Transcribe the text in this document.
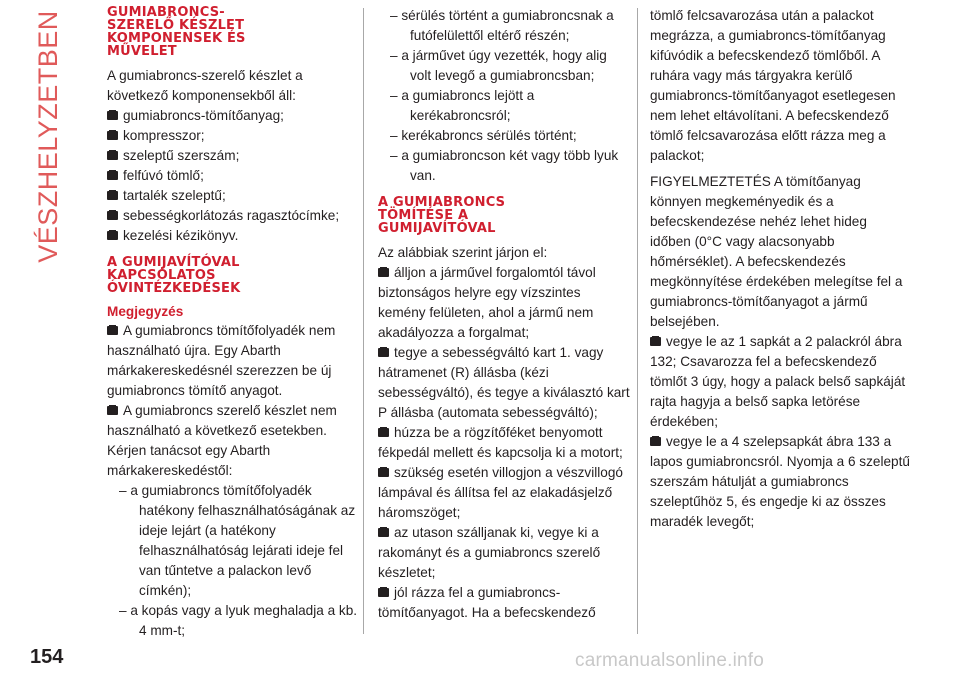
VÉSZHELYZETBEN	GUMIABRONCS-
SZERELŐ KÉSZLET
KOMPONENSEK ÉS
MŰVELET
A gumiabroncs-szerelő készlet a következő komponensekből áll:
gumiabroncs-tömítőanyag;
kompresszor;
szeleptű szerszám;
felfúvó tömlő;
tartalék szeleptű;
sebességkorlátozás ragasztócímke;
kezelési kézikönyv.
A GUMIJAVÍTÓVAL
KAPCSOLATOS
ÓVINTÉZKEDÉSEK
Megjegyzés
A gumiabroncs tömítőfolyadék nem használható újra. Egy Abarth márkakereskedésnél szerezzen be új gumiabroncs tömítő anyagot.
A gumiabroncs szerelő készlet nem használható a következő esetekben. Kérjen tanácsot egy Abarth márkakereskedéstől:
– a gumiabroncs tömítőfolyadék hatékony felhasználhatóságának az ideje lejárt (a hatékony felhasználhatóság lejárati ideje fel van tűntetve a palackon levő címkén);
– a kopás vagy a lyuk meghaladja a kb. 4 mm-t;
– sérülés történt a gumiabroncsnak a futófelülettől eltérő részén;
– a járművet úgy vezették, hogy alig volt levegő a gumiabroncsban;
– a gumiabroncs lejött a kerékabroncsról;
– kerékabroncs sérülés történt;
– a gumiabroncson két vagy több lyuk van.
A GUMIABRONCS
TÖMÍTÉSE A
GUMIJAVÍTÓVAL
Az alábbiak szerint járjon el:
álljon a járművel forgalomtól távol biztonságos helyre egy vízszintes kemény felületen, ahol a jármű nem akadályozza a forgalmat;
tegye a sebességváltó kart 1. vagy hátramenet (R) állásba (kézi sebességváltó), és tegye a kiválasztó kart P állásba (automata sebességváltó);
húzza be a rögzítőféket benyomott fékpedál mellett és kapcsolja ki a motort;
szükség esetén villogjon a vészvillogó lámpával és állítsa fel az elakadásjelző háromszöget;
az utason szálljanak ki, vegye ki a rakományt és a gumiabroncs szerelő készletet;
jól rázza fel a gumiabroncs-tömítőanyagot. Ha a befecskendező
tömlő felcsavarozása után a palackot megrázza, a gumiabroncs-tömítőanyag kifúvódik a befecskendező tömlőből. A ruhára vagy más tárgyakra kerülő gumiabroncs-tömítőanyagot esetlegesen nem lehet eltávolítani. A befecskendező tömlő felcsavarozása előtt rázza meg a palackot;
FIGYELMEZTETÉS A tömítőanyag könnyen megkeményedik és a befecskendezése nehéz lehet hideg időben (0°C vagy alacsonyabb hőmérséklet). A befecskendezés megkönnyítése érdekében melegítse fel a gumiabroncs-tömítőanyagot a jármű belsejében.
vegye le az 1 sapkát a 2 palackról ábra 132; Csavarozza fel a befecskendező tömlőt 3 úgy, hogy a palack belső sapkáját rajta hagyja a belső sapka letörése érdekében;
vegye le a 4 szelepsapkát ábra 133 a lapos gumiabroncsról. Nyomja a 6 szeleptű szerszám hátulját a gumiabroncs szeleptűhöz 5, és engedje ki az összes maradék levegőt;
154	carmanualsonline.info
